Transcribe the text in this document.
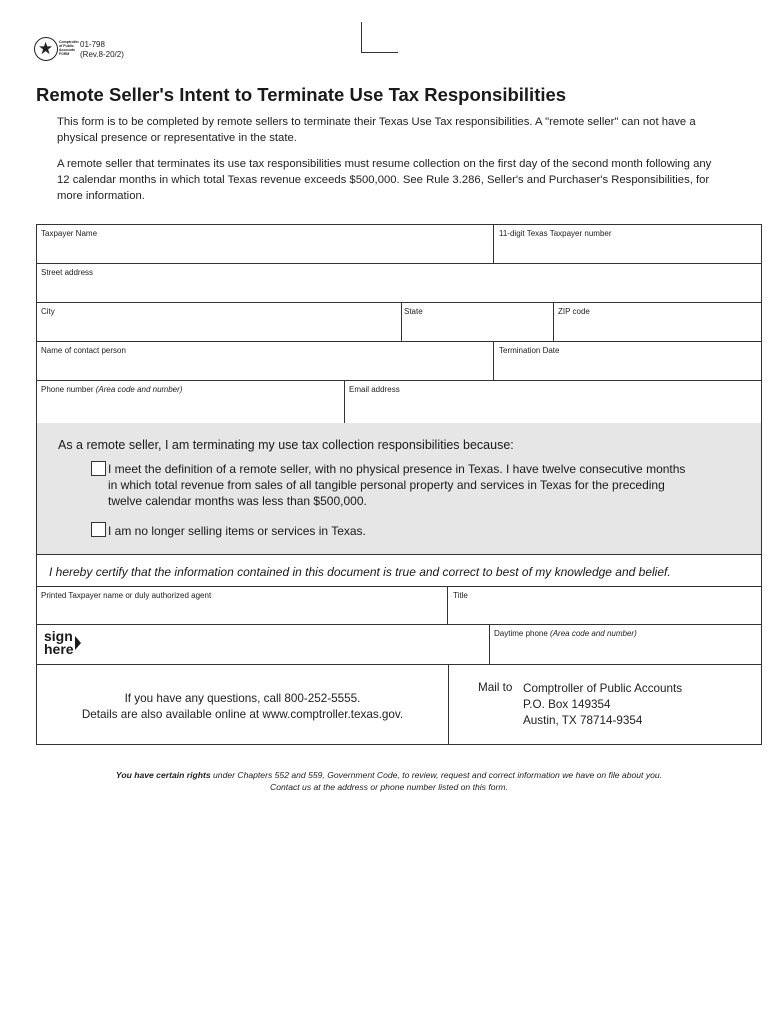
★
Comptroller of Public Accounts FORM
01-798
(Rev.8-20/2)
Remote Seller's Intent to Terminate Use Tax Responsibilities
This form is to be completed by remote sellers to terminate their Texas Use Tax responsibilities. A "remote seller" can not have a physical presence or representative in the state.
A remote seller that terminates its use tax responsibilities must resume collection on the first day of the second month following any 12 calendar months in which total Texas revenue exceeds $500,000. See Rule 3.286, Seller's and Purchaser's Responsibilities, for more information.
Taxpayer Name	11-digit Texas Taxpayer number
Street address
City	State	ZIP code
Name of contact person	Termination Date
Phone number (Area code and number)	Email address
As a remote seller, I am terminating my use tax collection responsibilities because:
I meet the definition of a remote seller, with no physical presence in Texas. I have twelve consecutive months in which total revenue from sales of all tangible personal property and services in Texas for the preceding twelve calendar months was less than $500,000.
I am no longer selling items or services in Texas.
I hereby certify that the information contained in this document is true and correct to best of my knowledge and belief.
Printed Taxpayer name or duly authorized agent	Title
sign
here
Daytime phone (Area code and number)
If you have any questions, call 800-252-5555.
Details are also available online at www.comptroller.texas.gov.
Mail to Comptroller of Public Accounts
P.O. Box 149354
Austin, TX 78714-9354
You have certain rights under Chapters 552 and 559, Government Code, to review, request and correct information we have on file about you.
Contact us at the address or phone number listed on this form.
